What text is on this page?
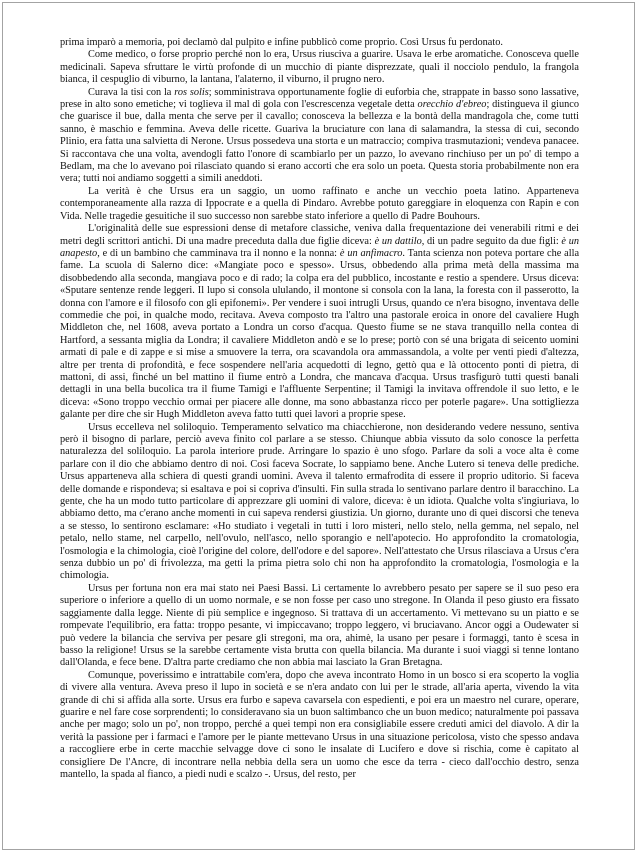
prima imparò a memoria, poi declamò dal pulpito e infine pubblicò come proprio. Così Ursus fu perdonato.

Come medico, o forse proprio perché non lo era, Ursus riusciva a guarire. Usava le erbe aromatiche. Conosceva quelle medicinali. Sapeva sfruttare le virtù profonde di un mucchio di piante disprezzate, quali il nocciolo pendulo, la frangola bianca, il cespuglio di viburno, la lantana, l'alaterno, il viburno, il prugno nero.

Curava la tisi con la ros solis; somministrava opportunamente foglie di euforbia che, strappate in basso sono lassative, prese in alto sono emetiche; vi toglieva il mal di gola con l'escrescenza vegetale detta orecchio d'ebreo; distingueva il giunco che guarisce il bue, dalla menta che serve per il cavallo; conosceva la bellezza e la bontà della mandragola che, come tutti sanno, è maschio e femmina. Aveva delle ricette. Guariva la bruciature con lana di salamandra, la stessa di cui, secondo Plinio, era fatta una salvietta di Nerone. Ursus possedeva una storta e un matraccio; compiva trasmutazioni; vendeva panacee. Si raccontava che una volta, avendogli fatto l'onore di scambiarlo per un pazzo, lo avevano rinchiuso per un po' di tempo a Bedlam, ma che lo avevano poi rilasciato quando si erano accorti che era solo un poeta. Questa storia probabilmente non era vera; tutti noi andiamo soggetti a simili aneddoti.

La verità è che Ursus era un saggio, un uomo raffinato e anche un vecchio poeta latino. Apparteneva contemporaneamente alla razza di Ippocrate e a quella di Pindaro. Avrebbe potuto gareggiare in eloquenza con Rapin e con Vida. Nelle tragedie gesuitiche il suo successo non sarebbe stato inferiore a quello di Padre Bouhours.

L'originalità delle sue espressioni dense di metafore classiche, veniva dalla frequentazione dei venerabili ritmi e dei metri degli scrittori antichi. Di una madre preceduta dalla due figlie diceva: è un dattilo, di un padre seguito da due figli: è un anapesto, e di un bambino che camminava tra il nonno e la nonna: è un anfimacro. Tanta scienza non poteva portare che alla fame. La scuola di Salerno dice: «Mangiate poco e spesso». Ursus, obbedendo alla prima metà della massima ma disobbedendo alla seconda, mangiava poco e di rado; la colpa era del pubblico, incostante e restio a spendere. Ursus diceva: «Sputare sentenze rende leggeri. Il lupo si consola ululando, il montone si consola con la lana, la foresta con il passerotto, la donna con l'amore e il filosofo con gli epifonemi». Per vendere i suoi intrugli Ursus, quando ce n'era bisogno, inventava delle commedie che poi, in qualche modo, recitava. Aveva composto tra l'altro una pastorale eroica in onore del cavaliere Hugh Middleton che, nel 1608, aveva portato a Londra un corso d'acqua. Questo fiume se ne stava tranquillo nella contea di Hartford, a sessanta miglia da Londra; il cavaliere Middleton andò e se lo prese; portò con sé una brigata di seicento uomini armati di pale e di zappe e si mise a smuovere la terra, ora scavandola ora ammassandola, a volte per venti piedi d'altezza, altre per trenta di profondità, e fece sospendere nell'aria acquedotti di legno, gettò qua e là ottocento ponti di pietra, di mattoni, di assi, finché un bel mattino il fiume entrò a Londra, che mancava d'acqua. Ursus trasfigurò tutti questi banali dettagli in una bella bucolica tra il fiume Tamigi e l'affluente Serpentine; il Tamigi la invitava offrendole il suo letto, e le diceva: «Sono troppo vecchio ormai per piacere alle donne, ma sono abbastanza ricco per poterle pagare». Una sottigliezza galante per dire che sir Hugh Middleton aveva fatto tutti quei lavori a proprie spese.

Ursus eccelleva nel soliloquio. Temperamento selvatico ma chiacchierone, non desiderando vedere nessuno, sentiva però il bisogno di parlare, perciò aveva finito col parlare a se stesso. Chiunque abbia vissuto da solo conosce la perfetta naturalezza del soliloquio. La parola interiore prude. Arringare lo spazio è uno sfogo. Parlare da soli a voce alta è come parlare con il dio che abbiamo dentro di noi. Così faceva Socrate, lo sappiamo bene. Anche Lutero si teneva delle prediche. Ursus apparteneva alla schiera di questi grandi uomini. Aveva il talento ermafrodita di essere il proprio uditorio. Si faceva delle domande e rispondeva; si esaltava e poi si copriva d'insulti. Fin sulla strada lo sentivano parlare dentro il baracchino. La gente, che ha un modo tutto particolare di apprezzare gli uomini di valore, diceva: è un idiota. Qualche volta s'ingiuriava, lo abbiamo detto, ma c'erano anche momenti in cui sapeva rendersi giustizia. Un giorno, durante uno di quei discorsi che teneva a se stesso, lo sentirono esclamare: «Ho studiato i vegetali in tutti i loro misteri, nello stelo, nella gemma, nel sepalo, nel petalo, nello stame, nel carpello, nell'ovulo, nell'asco, nello sporangio e nell'apotecio. Ho approfondito la cromatologia, l'osmologia e la chimologia, cioè l'origine del colore, dell'odore e del sapore». Nell'attestato che Ursus rilasciava a Ursus c'era senza dubbio un po' di frivolezza, ma getti la prima pietra solo chi non ha approfondito la cromatologia, l'osmologia e la chimologia.

Ursus per fortuna non era mai stato nei Paesi Bassi. Lì certamente lo avrebbero pesato per sapere se il suo peso era superiore o inferiore a quello di un uomo normale, e se non fosse per caso uno stregone. In Olanda il peso giusto era fissato saggiamente dalla legge. Niente di più semplice e ingegnoso. Si trattava di un accertamento. Vi mettevano su un piatto e se rompevate l'equilibrio, era fatta: troppo pesante, vi impiccavano; troppo leggero, vi bruciavano. Ancor oggi a Oudewater si può vedere la bilancia che serviva per pesare gli stregoni, ma ora, ahimè, la usano per pesare i formaggi, tanto è scesa in basso la religione! Ursus se la sarebbe certamente vista brutta con quella bilancia. Ma durante i suoi viaggi si tenne lontano dall'Olanda, e fece bene. D'altra parte crediamo che non abbia mai lasciato la Gran Bretagna.

Comunque, poverissimo e intrattabile com'era, dopo che aveva incontrato Homo in un bosco si era scoperto la voglia di vivere alla ventura. Aveva preso il lupo in società e se n'era andato con lui per le strade, all'aria aperta, vivendo la vita grande di chi si affida alla sorte. Ursus era furbo e sapeva cavarsela con espedienti, e poi era un maestro nel curare, operare, guarire e nel fare cose sorprendenti; lo consideravano sia un buon saltimbanco che un buon medico; naturalmente poi passava anche per mago; solo un po', non troppo, perché a quei tempi non era consigliabile essere creduti amici del diavolo. A dir la verità la passione per i farmaci e l'amore per le piante mettevano Ursus in una situazione pericolosa, visto che spesso andava a raccogliere erbe in certe macchie selvagge dove ci sono le insalate di Lucifero e dove si rischia, come è capitato al consigliere De l'Ancre, di incontrare nella nebbia della sera un uomo che esce da terra - cieco dall'occhio destro, senza mantello, la spada al fianco, a piedi nudi e scalzo -. Ursus, del resto, per
